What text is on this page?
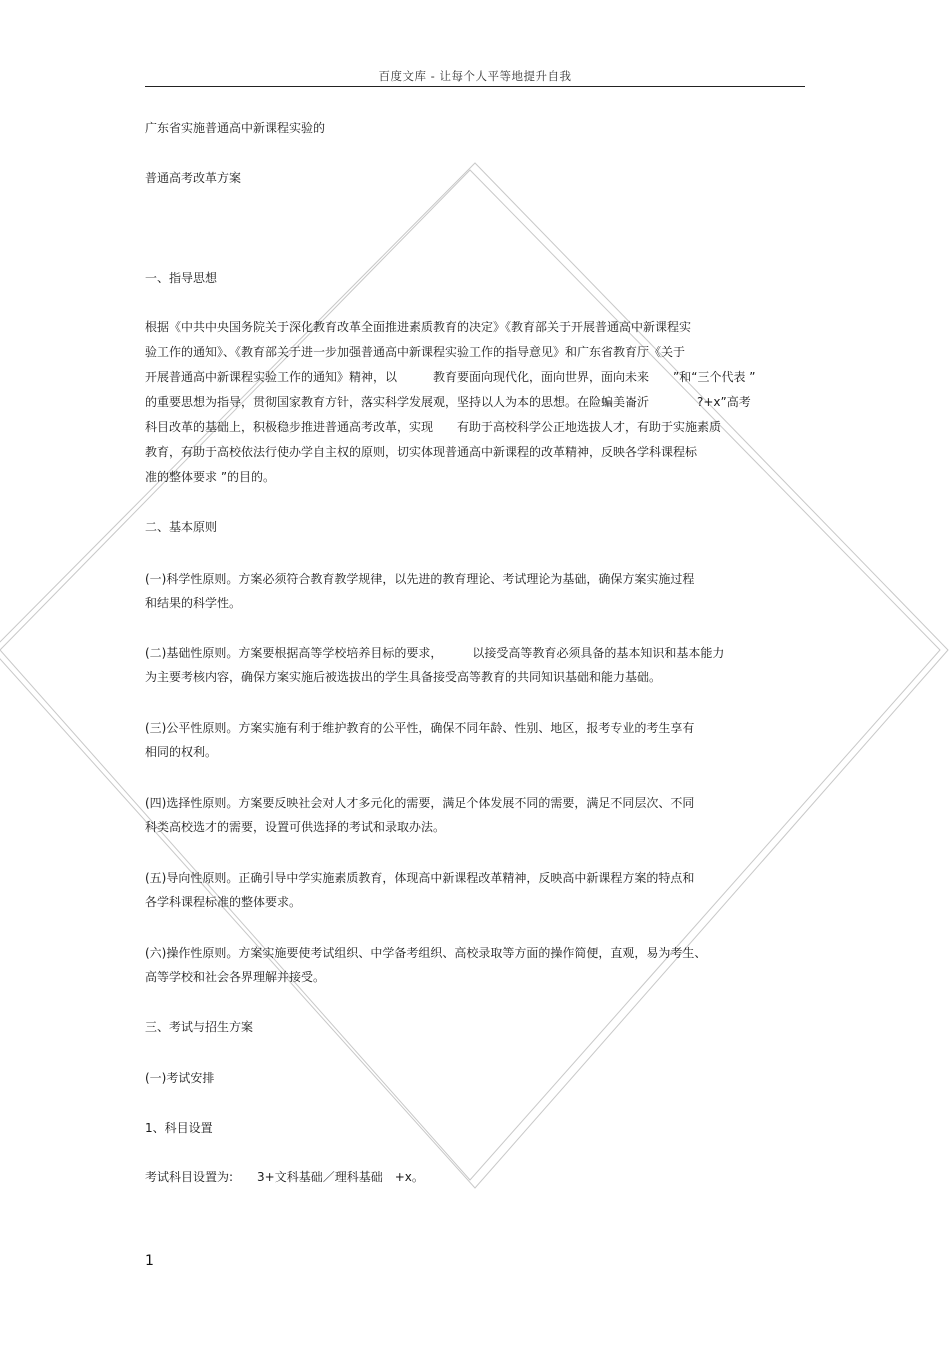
百度文库 - 让每个人平等地提升自我
广东省实施普通高中新课程实验的
普通高考改革方案
一、指导思想
根据《中共中央国务院关于深化教育改革全面推进素质教育的决定》《教育部关于开展普通高中新课程实
验工作的通知》、《教育部关于进一步加强普通高中新课程实验工作的指导意见》和广东省教育厅《关于
开展普通高中新课程实验工作的通知》精神，以　　　教育要面向现代化，面向世界，面向未来　　”和“三个代表 ”
的重要思想为指导，贯彻国家教育方针，落实科学发展观，坚持以人为本的思想。在险蝙美崙沂　　　　?+x”高考
科目改革的基础上，积极稳步推进普通高考改革，实现　　有助于高校科学公正地选拔人才，有助于实施素质
教育，有助于高校依法行使办学自主权的原则，切实体现普通高中新课程的改革精神，反映各学科课程标
准的整体要求 ”的目的。
二、基本原则
(一)科学性原则。方案必须符合教育教学规律，以先进的教育理论、考试理论为基础，确保方案实施过程
和结果的科学性。
(二)基础性原则。方案要根据高等学校培养目标的要求，　　　以接受高等教育必须具备的基本知识和基本能力
为主要考核内容，确保方案实施后被选拔出的学生具备接受高等教育的共同知识基础和能力基础。
(三)公平性原则。方案实施有利于维护教育的公平性，确保不同年龄、性别、地区，报考专业的考生享有
相同的权利。
(四)选择性原则。方案要反映社会对人才多元化的需要，满足个体发展不同的需要，满足不同层次、不同
科类高校选才的需要，设置可供选择的考试和录取办法。
(五)导向性原则。正确引导中学实施素质教育，体现高中新课程改革精神，反映高中新课程方案的特点和
各学科课程标准的整体要求。
(六)操作性原则。方案实施要使考试组织、中学备考组织、高校录取等方面的操作简便，直观，易为考生、
高等学校和社会各界理解并接受。
三、考试与招生方案
(一)考试安排
1、科目设置
考试科目设置为:　　3+文科基础／理科基础　+x。
1
